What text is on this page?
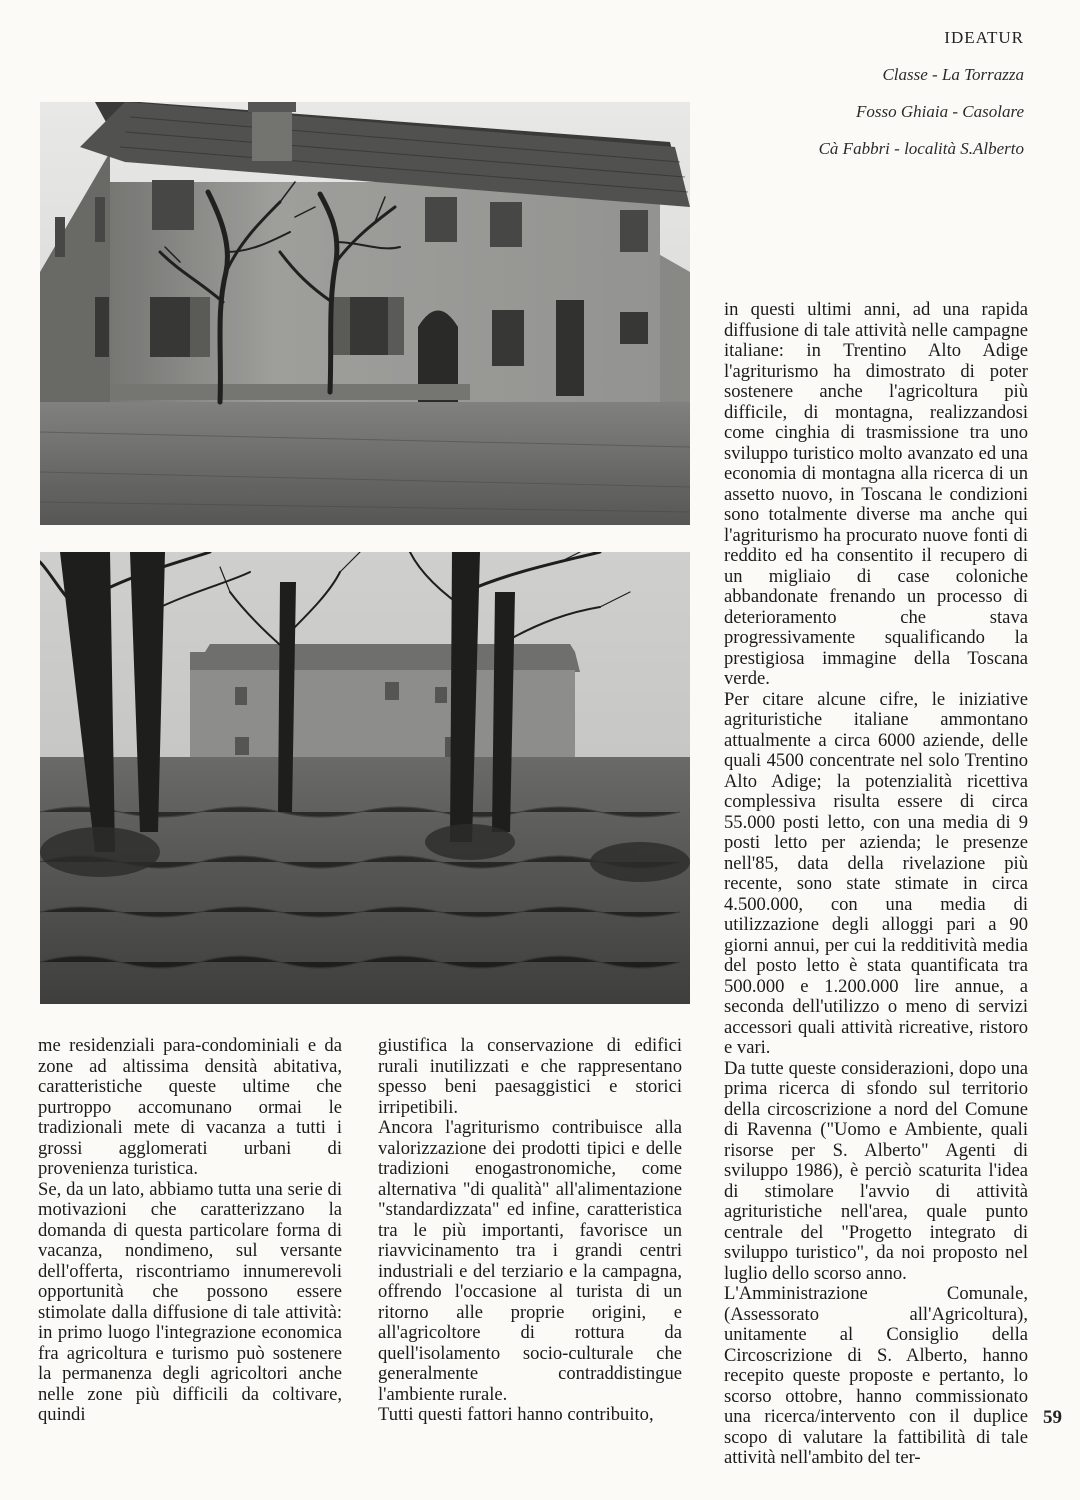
IDEATUR
Classe - La Torrazza
Fosso Ghiaia - Casolare
Cà Fabbri - località S.Alberto

in questi ultimi anni, ad una rapida diffusione di tale attività nelle campagne italiane: in Trentino Alto Adige l'agriturismo ha dimostrato di poter sostenere anche l'agricoltura più difficile, di montagna, realizzandosi come cinghia di trasmissione tra uno sviluppo turistico molto avanzato ed una economia di montagna alla ricerca di un assetto nuovo, in Toscana le condizioni sono totalmente diverse ma anche qui l'agriturismo ha procurato nuove fonti di reddito ed ha consentito il recupero di un migliaio di case coloniche abbandonate frenando un processo di deterioramento che stava progressivamente squalificando la prestigiosa immagine della Toscana verde.

Per citare alcune cifre, le iniziative agrituristiche italiane ammontano attualmente a circa 6000 aziende, delle quali 4500 concentrate nel solo Trentino Alto Adige; la potenzialità ricettiva complessiva risulta essere di circa 55.000 posti letto, con una media di 9 posti letto per azienda; le presenze nell'85, data della rivelazione più recente, sono state stimate in circa 4.500.000, con una media di utilizzazione degli alloggi pari a 90 giorni annui, per cui la redditività media del posto letto è stata quantificata tra 500.000 e 1.200.000 lire annue, a seconda dell'utilizzo o meno di servizi accessori quali attività ricreative, ristoro e vari.

Da tutte queste considerazioni, dopo una prima ricerca di sfondo sul territorio della circoscrizione a nord del Comune di Ravenna ("Uomo e Ambiente, quali risorse per S. Alberto" Agenti di sviluppo 1986), è perciò scaturita l'idea di stimolare l'avvio di attività agrituristiche nell'area, quale punto centrale del "Progetto integrato di sviluppo turistico", da noi proposto nel luglio dello scorso anno.

L'Amministrazione Comunale, (Assessorato all'Agricoltura), unitamente al Consiglio della Circoscrizione di S. Alberto, hanno recepito queste proposte e pertanto, lo scorso ottobre, hanno commissionato una ricerca/intervento con il duplice scopo di valutare la fattibilità di tale attività nell'ambito del ter-

me residenziali para-condominiali e da zone ad altissima densità abitativa, caratteristiche queste ultime che purtroppo accomunano ormai le tradizionali mete di vacanza a tutti i grossi agglomerati urbani di provenienza turistica.

Se, da un lato, abbiamo tutta una serie di motivazioni che caratterizzano la domanda di questa particolare forma di vacanza, nondimeno, sul versante dell'offerta, riscontriamo innumerevoli opportunità che possono essere stimolate dalla diffusione di tale attività: in primo luogo l'integrazione economica fra agricoltura e turismo può sostenere la permanenza degli agricoltori anche nelle zone più difficili da coltivare, quindi

giustifica la conservazione di edifici rurali inutilizzati e che rappresentano spesso beni paesaggistici e storici irripetibili.

Ancora l'agriturismo contribuisce alla valorizzazione dei prodotti tipici e delle tradizioni enogastronomiche, come alternativa "di qualità" all'alimentazione "standardizzata" ed infine, caratteristica tra le più importanti, favorisce un riavvicinamento tra i grandi centri industriali e del terziario e la campagna, offrendo l'occasione al turista di un ritorno alle proprie origini, e all'agricoltore di rottura da quell'isolamento socio-culturale che generalmente contraddistingue l'ambiente rurale.

Tutti questi fattori hanno contribuito,	59
